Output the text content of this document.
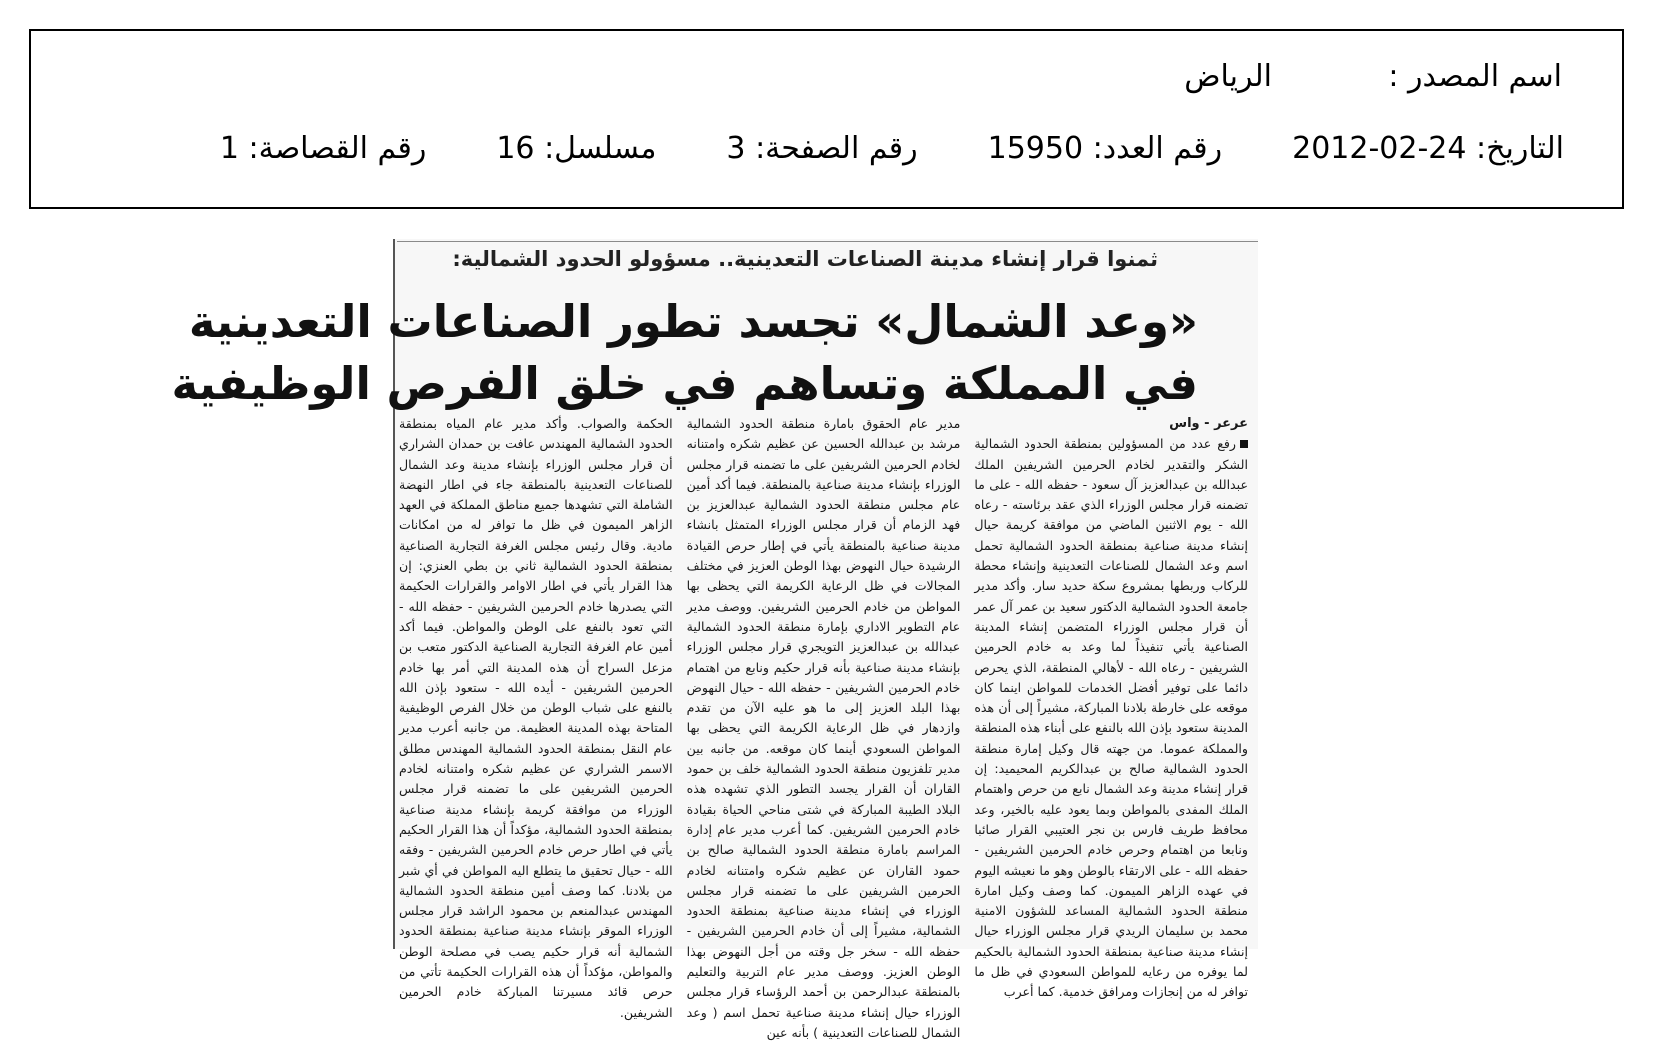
اسم المصدر :
الرياض
التاريخ: 2012-02-24
رقم العدد: 15950
رقم الصفحة: 3
مسلسل: 16
رقم القصاصة: 1
ثمنوا قرار إنشاء مدينة الصناعات التعدينية.. مسؤولو الحدود الشمالية:
«وعد الشمال» تجسد تطور الصناعات التعدينية
في المملكة وتساهم في خلق الفرص الوظيفية
عرعر - واس
رفع عدد من المسؤولين بمنطقة الحدود الشمالية الشكر والتقدير لخادم الحرمين الشريفين الملك عبدالله بن عبدالعزيز آل سعود - حفظه الله - على ما تضمنه قرار مجلس الوزراء الذي عقد برئاسته - رعاه الله - يوم الاثنين الماضي من موافقة كريمة حيال إنشاء مدينة صناعية بمنطقة الحدود الشمالية تحمل اسم وعد الشمال للصناعات التعدينية وإنشاء محطة للركاب وربطها بمشروع سكة حديد سار. وأكد مدير جامعة الحدود الشمالية الدكتور سعيد بن عمر آل عمر أن قرار مجلس الوزراء المتضمن إنشاء المدينة الصناعية يأتي تنفيذاً لما وعد به خادم الحرمين الشريفين - رعاه الله - لأهالي المنطقة، الذي يحرص دائما على توفير أفضل الخدمات للمواطن اينما كان موقعه على خارطة بلادنا المباركة، مشيراً إلى أن هذه المدينة ستعود بإذن الله بالنفع على أبناء هذه المنطقة والمملكة عموما. من جهته قال وكيل إمارة منطقة الحدود الشمالية صالح بن عبدالكريم المحيميد: إن قرار إنشاء مدينة وعد الشمال نابع من حرص واهتمام الملك المفدى بالمواطن وبما يعود عليه بالخير، وعد محافظ طريف فارس بن نجر العتيبي القرار صائبا ونابعا من اهتمام وحرص خادم الحرمين الشريفين - حفظه الله - على الارتقاء بالوطن وهو ما نعيشه اليوم في عهده الزاهر الميمون. كما وصف وكيل امارة منطقة الحدود الشمالية المساعد للشؤون الامنية محمد بن سليمان الريدي قرار مجلس الوزراء حيال إنشاء مدينة صناعية بمنطقة الحدود الشمالية بالحكيم لما يوفره من رعايه للمواطن السعودي في ظل ما توافر له من إنجازات ومرافق خدمية. كما أعرب
مدير عام الحقوق بامارة منطقة الحدود الشمالية مرشد بن عبدالله الحسين عن عظيم شكره وامتنانه لخادم الحرمين الشريفين على ما تضمنه قرار مجلس الوزراء بإنشاء مدينة صناعية بالمنطقة. فيما أكد أمين عام مجلس منطقة الحدود الشمالية عبدالعزيز بن فهد الزمام أن قرار مجلس الوزراء المتمثل بانشاء مدينة صناعية بالمنطقة يأتي في إطار حرص القيادة الرشيدة حيال النهوض بهذا الوطن العزيز في مختلف المجالات في ظل الرعاية الكريمة التي يحظى بها المواطن من خادم الحرمين الشريفين. ووصف مدير عام التطوير الاداري بإمارة منطقة الحدود الشمالية عبدالله بن عبدالعزيز التويجري قرار مجلس الوزراء بإنشاء مدينة صناعية بأنه قرار حكيم ونابع من اهتمام خادم الحرمين الشريفين - حفظه الله - حيال النهوض بهذا البلد العزيز إلى ما هو عليه الآن من تقدم وازدهار في ظل الرعاية الكريمة التي يحظى بها المواطن السعودي أينما كان موقعه. من جانبه بين مدير تلفزيون منطقة الحدود الشمالية خلف بن حمود القاران أن القرار يجسد التطور الذي تشهده هذه البلاد الطيبة المباركة في شتى مناحي الحياة بقيادة خادم الحرمين الشريفين. كما أعرب مدير عام إدارة المراسم بامارة منطقة الحدود الشمالية صالح بن حمود القاران عن عظيم شكره وامتنانه لخادم الحرمين الشريفين على ما تضمنه قرار مجلس الوزراء في إنشاء مدينة صناعية بمنطقة الحدود الشمالية، مشيراً إلى أن خادم الحرمين الشريفين - حفظه الله - سخر جل وقته من أجل النهوض بهذا الوطن العزيز. ووصف مدير عام التربية والتعليم بالمنطقة عبدالرحمن بن أحمد الرؤساء قرار مجلس الوزراء حيال إنشاء مدينة صناعية تحمل اسم ( وعد الشمال للصناعات التعدينية ) بأنه عين
الحكمة والصواب. وأكد مدير عام المياه بمنطقة الحدود الشمالية المهندس عافت بن حمدان الشراري أن قرار مجلس الوزراء بإنشاء مدينة وعد الشمال للصناعات التعدينية بالمنطقة جاء في اطار النهضة الشاملة التي تشهدها جميع مناطق المملكة في العهد الزاهر الميمون في ظل ما توافر له من امكانات مادية. وقال رئيس مجلس الغرفة التجارية الصناعية بمنطقة الحدود الشمالية ثاني بن بطي العنزي: إن هذا القرار يأتي في اطار الاوامر والقرارات الحكيمة التي يصدرها خادم الحرمين الشريفين - حفظه الله - التي تعود بالنفع على الوطن والمواطن. فيما أكد أمين عام الغرفة التجارية الصناعية الدكتور متعب بن مزعل السراح أن هذه المدينة التي أمر بها خادم الحرمين الشريفين - أيده الله - ستعود بإذن الله بالنفع على شباب الوطن من خلال الفرص الوظيفية المتاحة بهذه المدينة العظيمة. من جانبه أعرب مدير عام النقل بمنطقة الحدود الشمالية المهندس مطلق الاسمر الشراري عن عظيم شكره وامتنانه لخادم الحرمين الشريفين على ما تضمنه قرار مجلس الوزراء من موافقة كريمة بإنشاء مدينة صناعية بمنطقة الحدود الشمالية، مؤكداً أن هذا القرار الحكيم يأتي في اطار حرص خادم الحرمين الشريفين - وفقه الله - حيال تحقيق ما يتطلع اليه المواطن في أي شبر من بلادنا. كما وصف أمين منطقة الحدود الشمالية المهندس عبدالمنعم بن محمود الراشد قرار مجلس الوزراء الموقر بإنشاء مدينة صناعية بمنطقة الحدود الشمالية أنه قرار حكيم يصب في مصلحة الوطن والمواطن، مؤكداً أن هذه القرارات الحكيمة تأتي من حرص قائد مسيرتنا المباركة خادم الحرمين الشريفين.
